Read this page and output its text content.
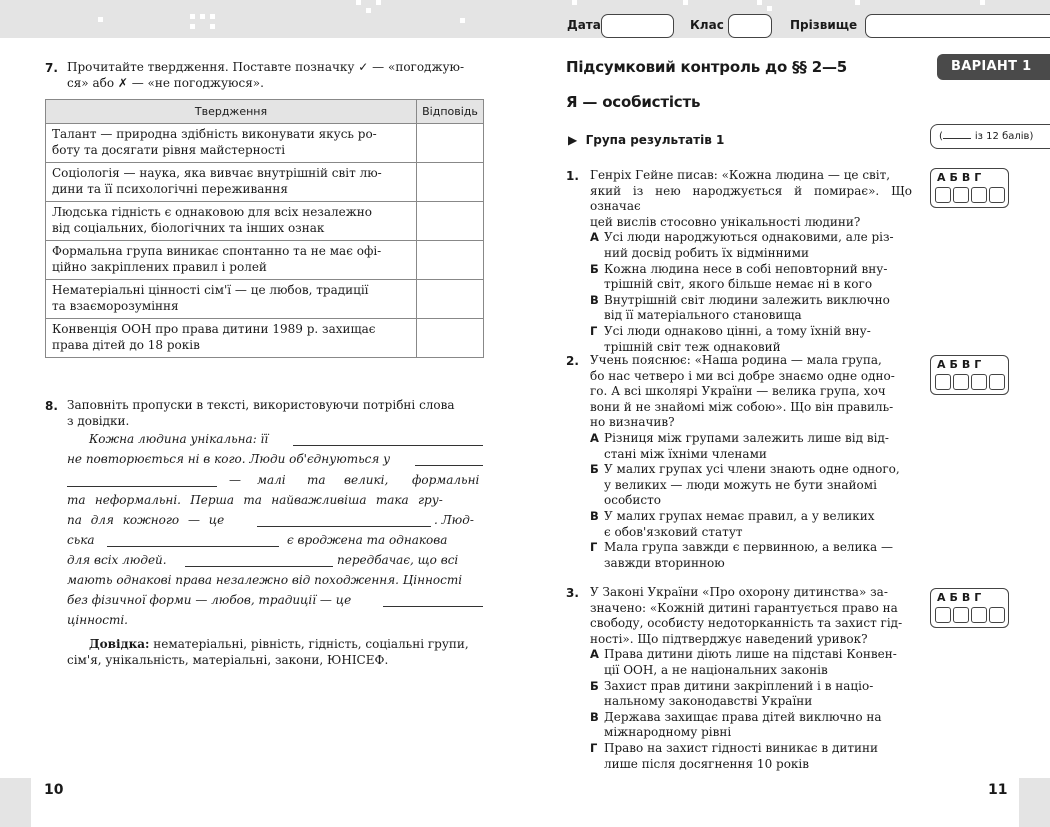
Дата	Клас	Прізвище
7. Прочитайте твердження. Поставте позначку ✓ — «погоджую-
ся» або ✗ — «не погоджуюся».
Твердження	Відповідь

Талант — природна здібність виконувати якусь ро-
боту та досягати рівня майстерності	

Соціологія — наука, яка вивчає внутрішній світ лю-
дини та її психологічні переживання	

Людська гідність є однаковою для всіх незалежно
від соціальних, біологічних та інших ознак	

Формальна група виникає спонтанно та не має офі-
ційно закріплених правил і ролей	

Нематеріальні цінності сім'ї — це любов, традиції
та взаєморозуміння	

Конвенція ООН про права дитини 1989 р. захищає
права дітей до 18 років	

8. Заповніть пропуски в тексті, використовуючи потрібні слова
з довідки.
Кожна людина унікальна: її
не повторюється ні в кого. Люди об'єднуються у
— малі та великі, формальні
та неформальні. Перша та найважливіша така гру-
па для кожного — це	. Люд-
ська	є вроджена та однакова
для всіх людей.	передбачає, що всі
мають однакові права незалежно від походження. Цінності
без фізичної форми — любов, традиції — це
цінності.
Довідка: нематеріальні, рівність, гідність, соціальні групи,
сім'я, унікальність, матеріальні, закони, ЮНІСЕФ.
10
Підсумковий контроль до §§ 2—5
Я — особистість
ВАРІАНТ 1
▶ Група результатів 1	(	із 12 балів)
1. Генріх Гейне писав: «Кожна людина — це світ,
який із нею народжується й помирає». Що означає
цей вислів стосовно унікальності людини?
А Усі люди народжуються однаковими, але різ-
ний досвід робить їх відмінними
Б Кожна людина несе в собі неповторний вну-
трішній світ, якого більше немає ні в кого
В Внутрішній світ людини залежить виключно
від її матеріального становища
Г Усі люди однаково цінні, а тому їхній вну-
трішній світ теж однаковий
АБВГ
2. Учень пояснює: «Наша родина — мала група,
бо нас четверо і ми всі добре знаємо одне одно-
го. А всі школярі України — велика група, хоч
вони й не знайомі між собою». Що він правиль-
но визначив?
А Різниця між групами залежить лише від від-
стані між їхніми членами
Б У малих групах усі члени знають одне одного,
у великих — люди можуть не бути знайомі
особисто
В У малих групах немає правил, а у великих
є обов'язковий статут
Г Мала група завжди є первинною, а велика —
завжди вторинною
АБВГ
3. У Законі України «Про охорону дитинства» за-
значено: «Кожній дитині гарантується право на
свободу, особисту недоторканність та захист гід-
ності». Що підтверджує наведений уривок?
А Права дитини діють лише на підставі Конвен-
ції ООН, а не національних законів
Б Захист прав дитини закріплений і в націо-
нальному законодавстві України
В Держава захищає права дітей виключно на
міжнародному рівні
Г Право на захист гідності виникає в дитини
лише після досягнення 10 років
АБВГ
11
